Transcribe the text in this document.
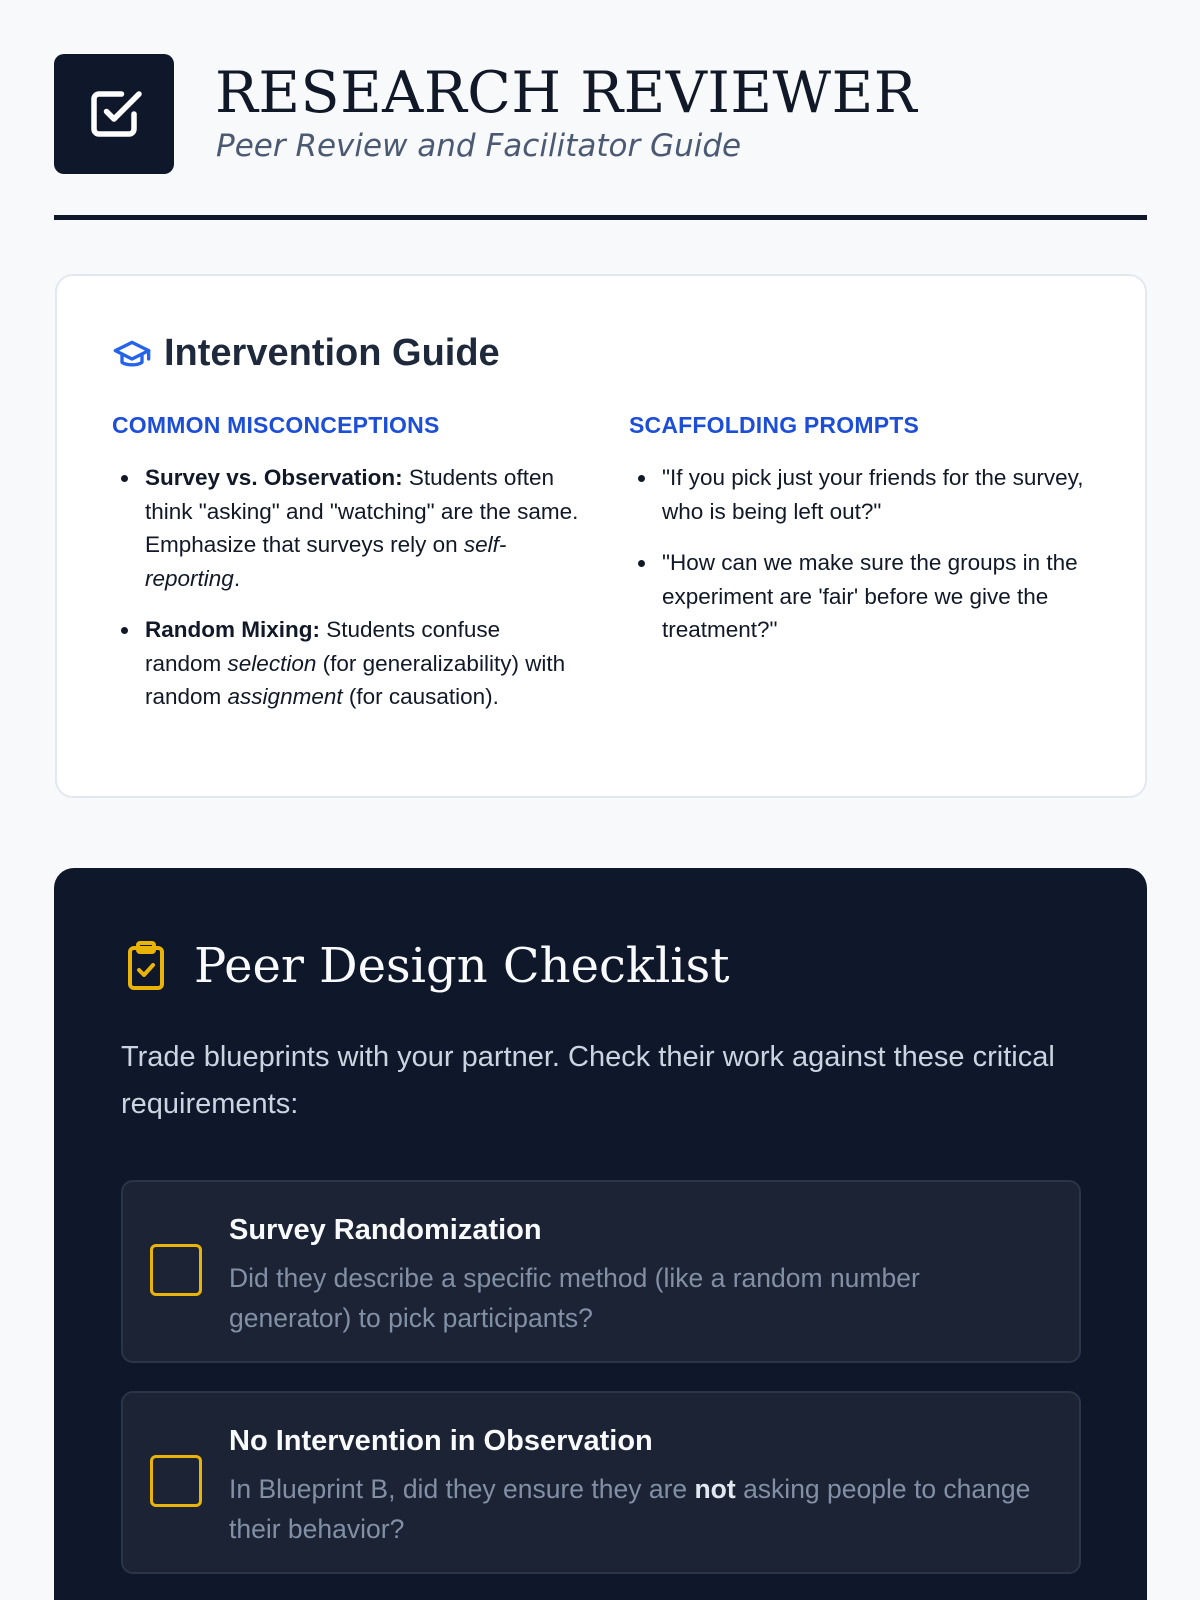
RESEARCH REVIEWER
Peer Review and Facilitator Guide
Intervention Guide
COMMON MISCONCEPTIONS
Survey vs. Observation: Students often think "asking" and "watching" are the same. Emphasize that surveys rely on self-reporting.
Random Mixing: Students confuse random selection (for generalizability) with random assignment (for causation).
SCAFFOLDING PROMPTS
"If you pick just your friends for the survey, who is being left out?"
"How can we make sure the groups in the experiment are 'fair' before we give the treatment?"
Peer Design Checklist
Trade blueprints with your partner. Check their work against these critical requirements:
Survey Randomization
Did they describe a specific method (like a random number generator) to pick participants?
No Intervention in Observation
In Blueprint B, did they ensure they are not asking people to change their behavior?
